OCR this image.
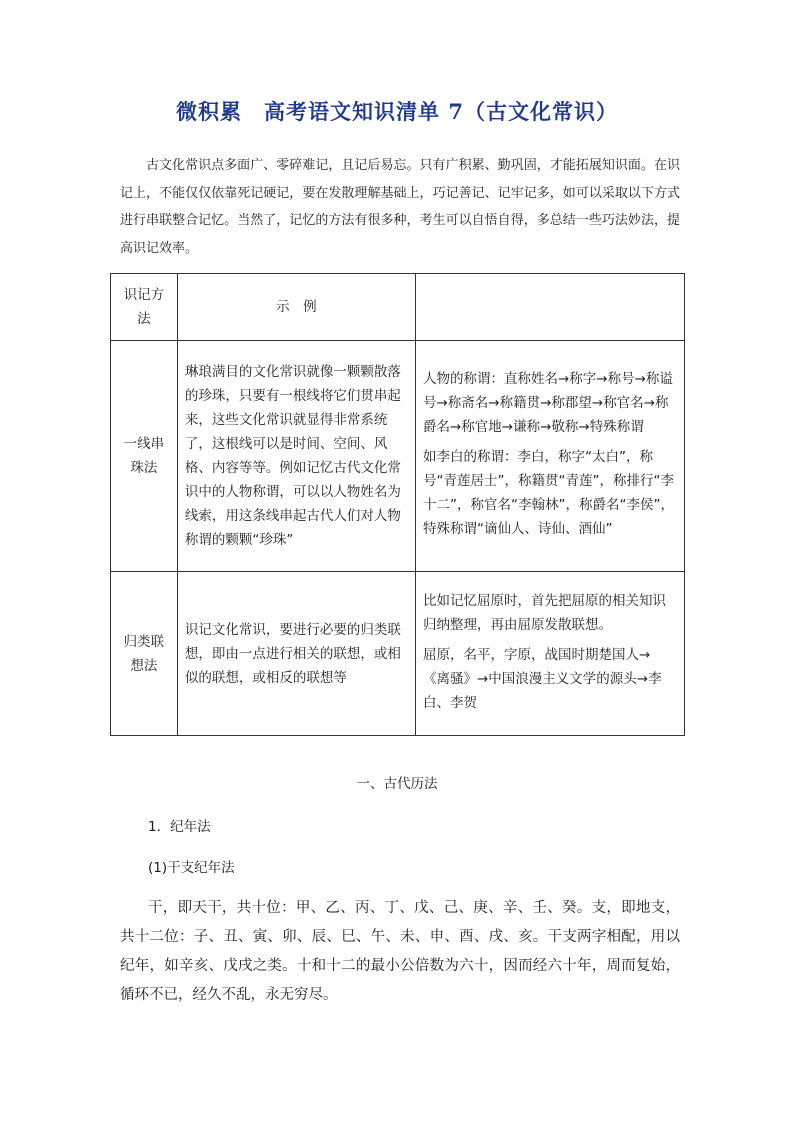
微积累 高考语文知识清单 7（古文化常识）
古文化常识点多面广、零碎难记，且记后易忘。只有广积累、勤巩固，才能拓展知识面。在识记上，不能仅仅依靠死记硬记，要在发散理解基础上，巧记善记、记牢记多，如可以采取以下方式进行串联整合记忆。当然了，记忆的方法有很多种，考生可以自悟自得，多总结一些巧法妙法，提高识记效率。
识记方法	示　例	
一线串珠法	琳琅满目的文化常识就像一颗颗散落的珍珠，只要有一根线将它们贯串起来，这些文化常识就显得非常系统了，这根线可以是时间、空间、风格、内容等等。例如记忆古代文化常识中的人物称谓，可以以人物姓名为线索，用这条线串起古代人们对人物称谓的颗颗“珍珠”	人物的称谓：直称姓名→称字→称号→称谥号→称斋名→称籍贯→称郡望→称官名→称爵名→称官地→谦称→敬称→特殊称谓

如李白的称谓：李白，称字“太白”，称号“青莲居士”，称籍贯“青莲”，称排行“李十二”，称官名“李翰林”，称爵名“李侯”，特殊称谓“谪仙人、诗仙、酒仙”

归类联想法	识记文化常识，要进行必要的归类联想，即由一点进行相关的联想，或相似的联想，或相反的联想等	比如记忆屈原时，首先把屈原的相关知识归纳整理，再由屈原发散联想。

屈原，名平，字原，战国时期楚国人→《离骚》→中国浪漫主义文学的源头→李白、李贺

一、古代历法
1．纪年法
(1)干支纪年法
干，即天干，共十位：甲、乙、丙、丁、戊、己、庚、辛、壬、癸。支，即地支，共十二位：子、丑、寅、卯、辰、巳、午、未、申、酉、戌、亥。干支两字相配，用以纪年，如辛亥、戊戌之类。十和十二的最小公倍数为六十，因而经六十年，周而复始，循环不已，经久不乱，永无穷尽。
